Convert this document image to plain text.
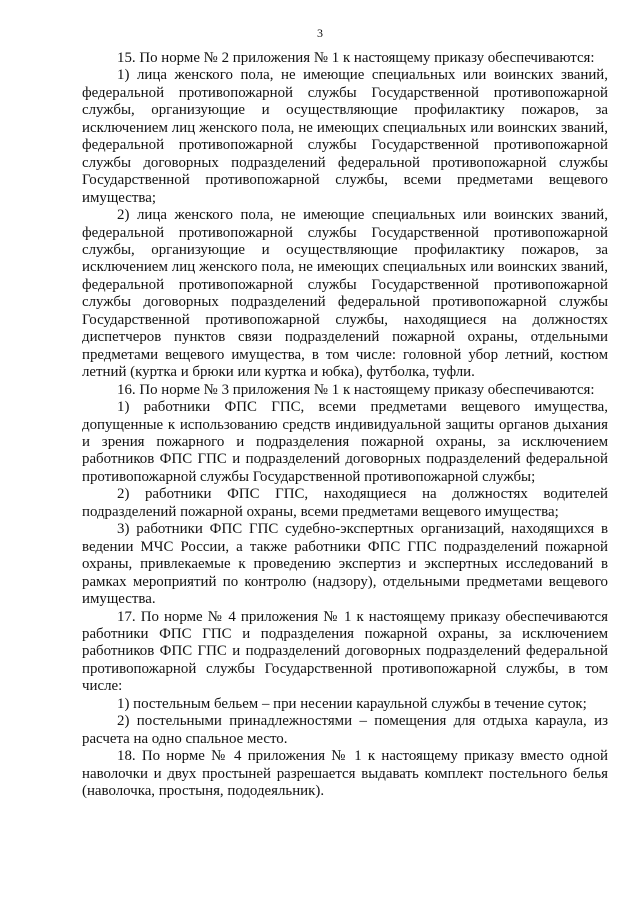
3

15. По норме № 2 приложения № 1 к настоящему приказу обеспечиваются:

1) лица женского пола, не имеющие специальных или воинских званий, федеральной противопожарной службы Государственной противопожарной службы, организующие и осуществляющие профилактику пожаров, за исключением лиц женского пола, не имеющих специальных или воинских званий, федеральной противопожарной службы Государственной противопожарной службы договорных подразделений федеральной противопожарной службы Государственной противопожарной службы, всеми предметами вещевого имущества;

2) лица женского пола, не имеющие специальных или воинских званий, федеральной противопожарной службы Государственной противопожарной службы, организующие и осуществляющие профилактику пожаров, за исключением лиц женского пола, не имеющих специальных или воинских званий, федеральной противопожарной службы Государственной противопожарной службы договорных подразделений федеральной противопожарной службы Государственной противопожарной службы, находящиеся на должностях диспетчеров пунктов связи подразделений пожарной охраны, отдельными предметами вещевого имущества, в том числе: головной убор летний, костюм летний (куртка и брюки или куртка и юбка), футболка, туфли.

16. По норме № 3 приложения № 1 к настоящему приказу обеспечиваются:

1) работники ФПС ГПС, всеми предметами вещевого имущества, допущенные к использованию средств индивидуальной защиты органов дыхания и зрения пожарного и подразделения пожарной охраны, за исключением работников ФПС ГПС и подразделений договорных подразделений федеральной противопожарной службы Государственной противопожарной службы;

2) работники ФПС ГПС, находящиеся на должностях водителей подразделений пожарной охраны, всеми предметами вещевого имущества;

3) работники ФПС ГПС судебно-экспертных организаций, находящихся в ведении МЧС России, а также работники ФПС ГПС подразделений пожарной охраны, привлекаемые к проведению экспертиз и экспертных исследований в рамках мероприятий по контролю (надзору), отдельными предметами вещевого имущества.

17. По норме № 4 приложения № 1 к настоящему приказу обеспечиваются работники ФПС ГПС и подразделения пожарной охраны, за исключением работников ФПС ГПС и подразделений договорных подразделений федеральной противопожарной службы Государственной противопожарной службы, в том числе:

1) постельным бельем – при несении караульной службы в течение суток;

2) постельными принадлежностями – помещения для отдыха караула, из расчета на одно спальное место.

18. По норме № 4 приложения № 1 к настоящему приказу вместо одной наволочки и двух простыней разрешается выдавать комплект постельного белья (наволочка, простыня, пододеяльник).
